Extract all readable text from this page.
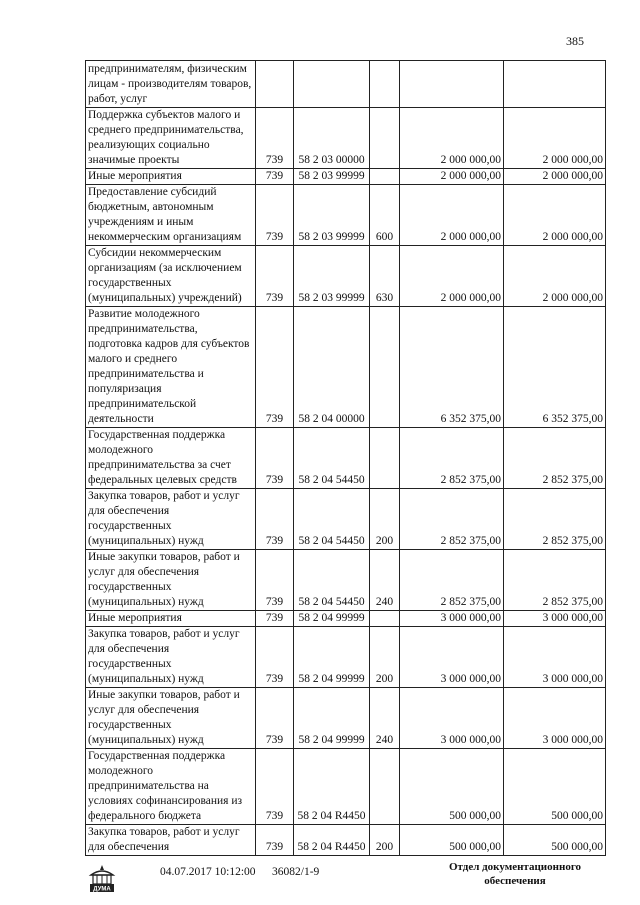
385
предпринимателям, физическим лицам - производителям товаров, работ, услуг					
Поддержка субъектов малого и среднего предпринимательства, реализующих социально значимые проекты	739	58 2 03 00000		2 000 000,00	2 000 000,00
Иные мероприятия	739	58 2 03 99999		2 000 000,00	2 000 000,00
Предоставление субсидий бюджетным, автономным учреждениям и иным некоммерческим организациям	739	58 2 03 99999	600	2 000 000,00	2 000 000,00
Субсидии некоммерческим организациям (за исключением государственных (муниципальных) учреждений)	739	58 2 03 99999	630	2 000 000,00	2 000 000,00
Развитие молодежного предпринимательства, подготовка кадров для субъектов малого и среднего предпринимательства и популяризация предпринимательской деятельности	739	58 2 04 00000		6 352 375,00	6 352 375,00
Государственная поддержка молодежного предпринимательства за счет федеральных целевых средств	739	58 2 04 54450		2 852 375,00	2 852 375,00
Закупка товаров, работ и услуг для обеспечения государственных (муниципальных) нужд	739	58 2 04 54450	200	2 852 375,00	2 852 375,00
Иные закупки товаров, работ и услуг для обеспечения государственных (муниципальных) нужд	739	58 2 04 54450	240	2 852 375,00	2 852 375,00
Иные мероприятия	739	58 2 04 99999		3 000 000,00	3 000 000,00
Закупка товаров, работ и услуг для обеспечения государственных (муниципальных) нужд	739	58 2 04 99999	200	3 000 000,00	3 000 000,00
Иные закупки товаров, работ и услуг для обеспечения государственных (муниципальных) нужд	739	58 2 04 99999	240	3 000 000,00	3 000 000,00
Государственная поддержка молодежного предпринимательства на условиях софинансирования из федерального бюджета	739	58 2 04 R4450		500 000,00	500 000,00
Закупка товаров, работ и услуг для обеспечения	739	58 2 04 R4450	200	500 000,00	500 000,00
ДУМА
04.07.2017 10:12:00 36082/1-9	Отдел документационного
обеспечения
